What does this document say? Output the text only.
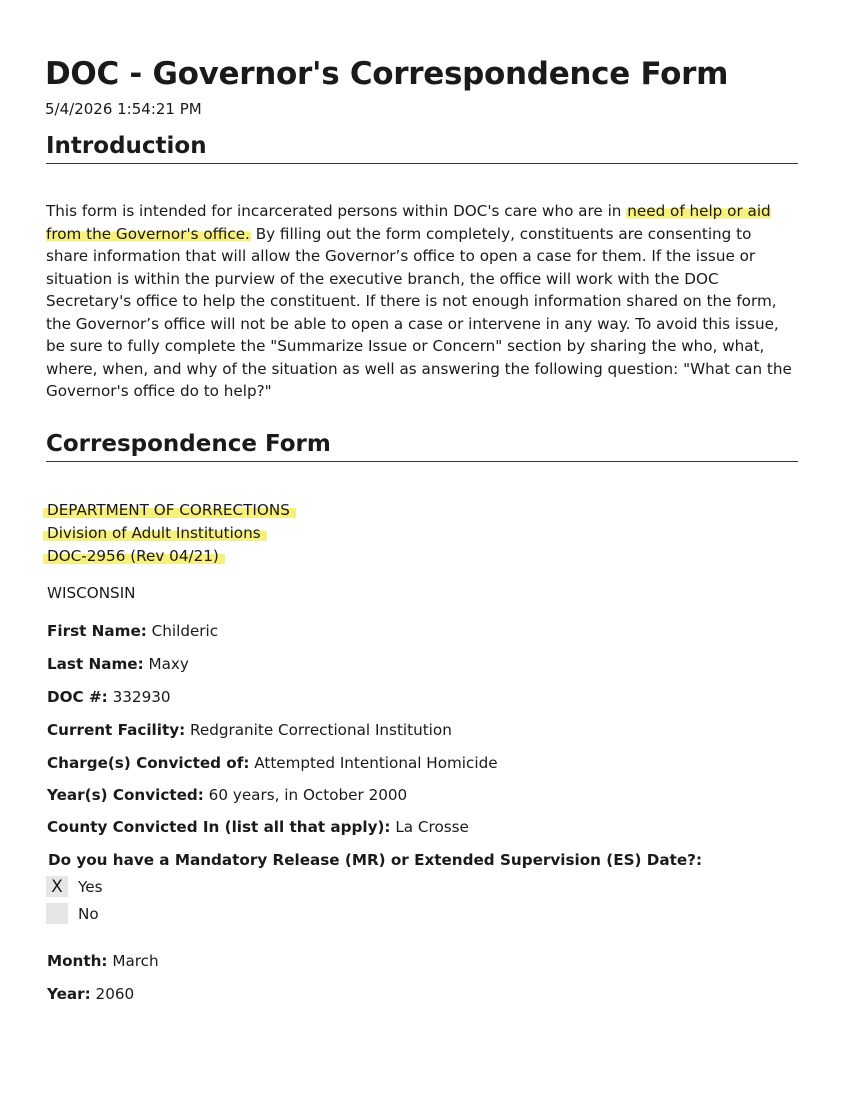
DOC - Governor's Correspondence Form
5/4/2026 1:54:21 PM
Introduction

This form is intended for incarcerated persons within DOC's care who are in need of help or aid from the Governor's office. By filling out the form completely, constituents are consenting to share information that will allow the Governor’s office to open a case for them. If the issue or situation is within the purview of the executive branch, the office will work with the DOC Secretary's office to help the constituent. If there is not enough information shared on the form, the Governor’s office will not be able to open a case or intervene in any way. To avoid this issue, be sure to fully complete the "Summarize Issue or Concern" section by sharing the who, what, where, when, and why of the situation as well as answering the following question: "What can the Governor's office do to help?"

Correspondence Form
DEPARTMENT OF CORRECTIONS
Division of Adult Institutions
DOC-2956 (Rev 04/21)
WISCONSIN
First Name: Childeric
Last Name: Maxy
DOC #: 332930
Current Facility: Redgranite Correctional Institution
Charge(s) Convicted of: Attempted Intentional Homicide
Year(s) Convicted: 60 years, in October 2000
County Convicted In (list all that apply): La Crosse
Do you have a Mandatory Release (MR) or Extended Supervision (ES) Date?:
X Yes
No
Month: March
Year: 2060
